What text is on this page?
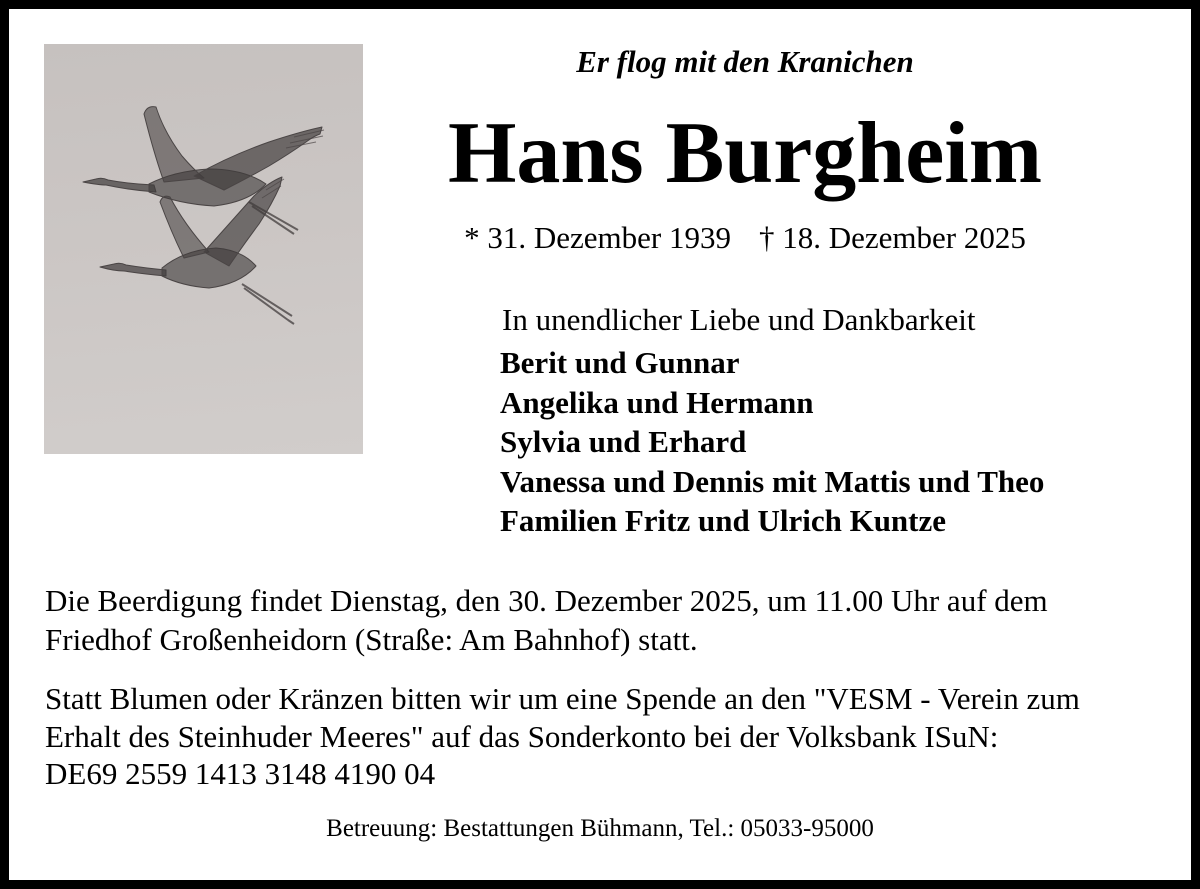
Er flog mit den Kranichen
Hans Burgheim
* 31. Dezember 1939 † 18. Dezember 2025
In unendlicher Liebe und Dankbarkeit
Berit und Gunnar
Angelika und Hermann
Sylvia und Erhard
Vanessa und Dennis mit Mattis und Theo
Familien Fritz und Ulrich Kuntze
Die Beerdigung findet Dienstag, den 30. Dezember 2025, um 11.00 Uhr auf dem
Friedhof Großenheidorn (Straße: Am Bahnhof) statt.
Statt Blumen oder Kränzen bitten wir um eine Spende an den "VESM - Verein zum
Erhalt des Steinhuder Meeres" auf das Sonderkonto bei der Volksbank ISuN:
DE69 2559 1413 3148 4190 04
Betreuung: Bestattungen Bühmann, Tel.: 05033-95000
